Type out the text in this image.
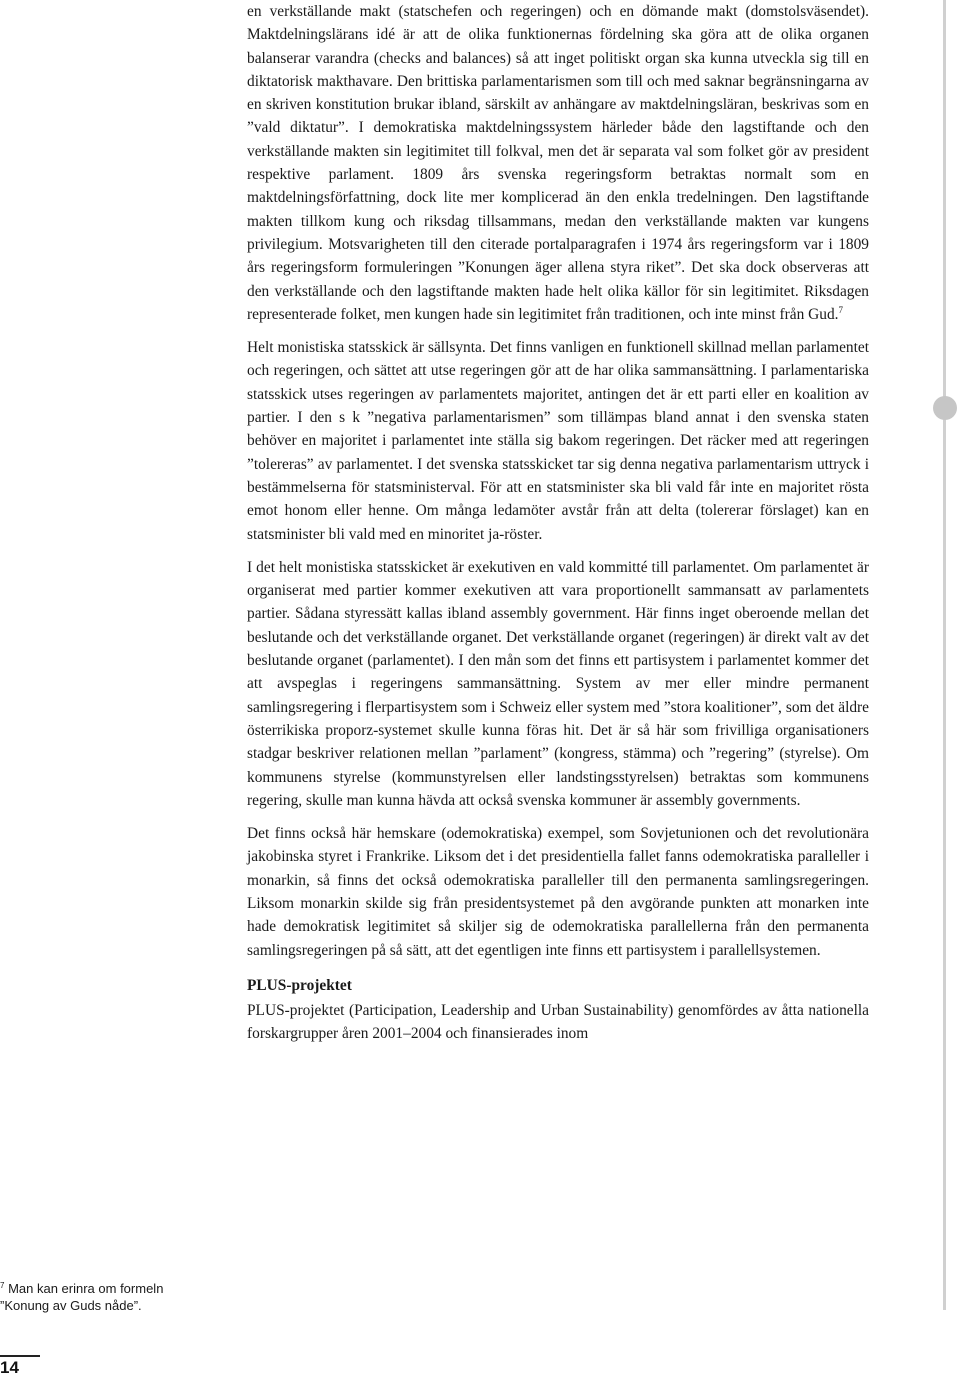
en verkställande makt (statschefen och regeringen) och en dömande makt (domstolsväsendet). Maktdelningslärans idé är att de olika funktionernas fördelning ska göra att de olika organen balanserar varandra (checks and balances) så att inget politiskt organ ska kunna utveckla sig till en diktatorisk makthavare. Den brittiska parlamentarismen som till och med saknar begränsningarna av en skriven konstitution brukar ibland, särskilt av anhängare av maktdelningsläran, beskrivas som en ”vald diktatur”. I demokratiska maktdelningssystem härleder både den lagstiftande och den verkställande makten sin legitimitet till folkval, men det är separata val som folket gör av president respektive parlament. 1809 års svenska regeringsform betraktas normalt som en maktdelningsförfattning, dock lite mer komplicerad än den enkla tredelningen. Den lagstiftande makten tillkom kung och riksdag tillsammans, medan den verkställande makten var kungens privilegium. Motsvarigheten till den citerade portalparagrafen i 1974 års regeringsform var i 1809 års regeringsform formuleringen ”Konungen äger allena styra riket”. Det ska dock observeras att den verkställande och den lagstiftande makten hade helt olika källor för sin legitimitet. Riksdagen representerade folket, men kungen hade sin legitimitet från traditionen, och inte minst från Gud.$^7$

Helt monistiska statsskick är sällsynta. Det finns vanligen en funktionell skillnad mellan parlamentet och regeringen, och sättet att utse regeringen gör att de har olika sammansättning. I parlamentariska statsskick utses regeringen av parlamentets majoritet, antingen det är ett parti eller en koalition av partier. I den s k ”negativa parlamentarismen” som tillämpas bland annat i den svenska staten behöver en majoritet i parlamentet inte ställa sig bakom regeringen. Det räcker med att regeringen ”tolereras” av parlamentet. I det svenska statsskicket tar sig denna negativa parlamentarism uttryck i bestämmelserna för statsministerval. För att en statsminister ska bli vald får inte en majoritet rösta emot honom eller henne. Om många ledamöter avstår från att delta (tolererar förslaget) kan en statsminister bli vald med en minoritet ja-röster.

I det helt monistiska statsskicket är exekutiven en vald kommitté till parlamentet. Om parlamentet är organiserat med partier kommer exekutiven att vara proportionellt sammansatt av parlamentets partier. Sådana styressätt kallas ibland assembly government. Här finns inget oberoende mellan det beslutande och det verkställande organet. Det verkställande organet (regeringen) är direkt valt av det beslutande organet (parlamentet). I den mån som det finns ett partisystem i parlamentet kommer det att avspeglas i regeringens sammansättning. System av mer eller mindre permanent samlingsregering i flerpartisystem som i Schweiz eller system med ”stora koalitioner”, som det äldre österrikiska proporz-systemet skulle kunna föras hit. Det är så här som frivilliga organisationers stadgar beskriver relationen mellan ”parlament” (kongress, stämma) och ”regering” (styrelse). Om kommunens styrelse (kommunstyrelsen eller landstingsstyrelsen) betraktas som kommunens regering, skulle man kunna hävda att också svenska kommuner är assembly governments.

Det finns också här hemskare (odemokratiska) exempel, som Sovjetunionen och det revolutionära jakobinska styret i Frankrike. Liksom det i det presidentiella fallet fanns odemokratiska paralleller i monarkin, så finns det också odemokratiska paralleller till den permanenta samlingsregeringen. Liksom monarkin skilde sig från presidentsystemet på den avgörande punkten att monarken inte hade demokratisk legitimitet så skiljer sig de odemokratiska parallellerna från den permanenta samlingsregeringen på så sätt, att det egentligen inte finns ett partisystem i parallellsystemen.

PLUS-projektet

PLUS-projektet (Participation, Leadership and Urban Sustainability) genomfördes av åtta nationella forskargrupper åren 2001–2004 och finansierades inom

$^7$ Man kan erinra om formeln ”Konung av Guds nåde”.
14
